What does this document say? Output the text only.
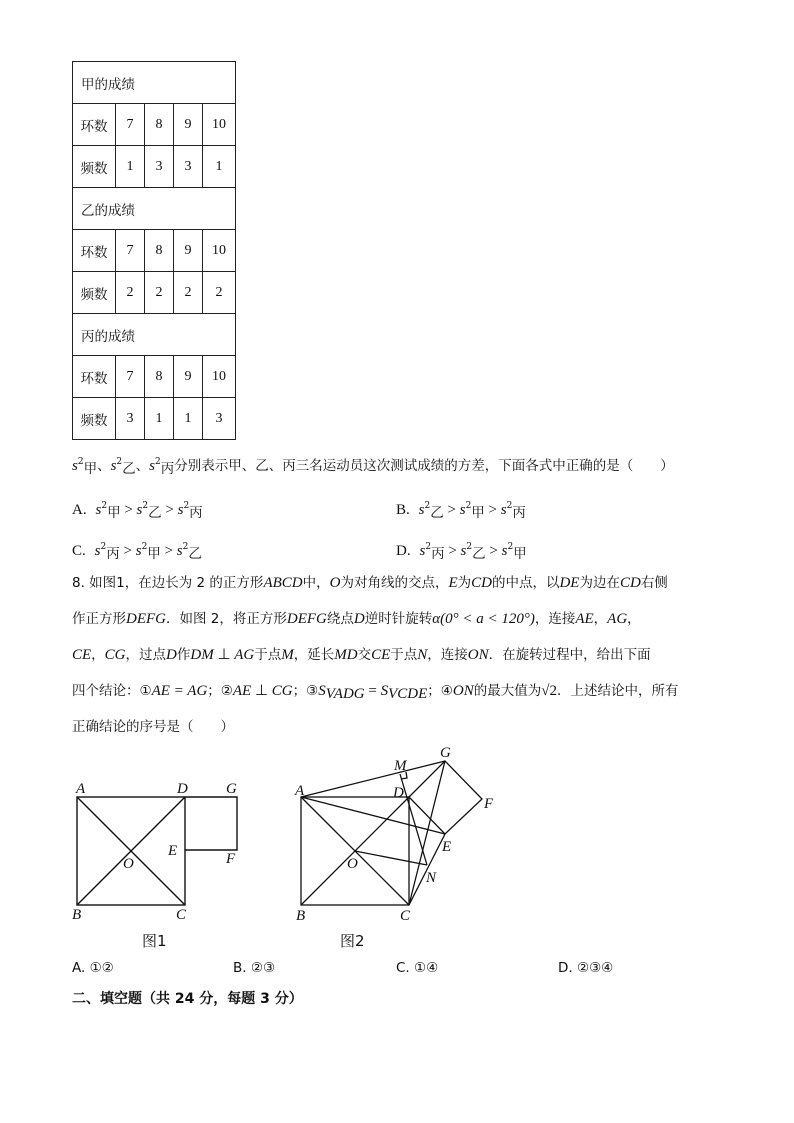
甲的成绩				
环数	7	8	9	10
频数	1	3	3	1
乙的成绩				
环数	7	8	9	10
频数	2	2	2	2
丙的成绩				
环数	7	8	9	10
频数	3	1	1	3
$s^2_甲$、$s^2_乙$、$s^2_丙$分别表示甲、乙、丙三名运动员这次测试成绩的方差，下面各式中正确的是（　　）
A. $s^2_甲 > s^2_乙 > s^2_丙$	B. $s^2_乙 > s^2_甲 > s^2_丙$
C. $s^2_丙 > s^2_甲 > s^2_乙$	D. $s^2_丙 > s^2_乙 > s^2_甲$
8. 如图1，在边长为 2 的正方形ABCD中，O为对角线的交点，E为CD的中点，以DE为边在CD右侧
作正方形DEFG．如图 2，将正方形DEFG绕点D逆时针旋转α(0° < a < 120°)，连接AE，AG，
CE，CG，过点D作DM ⊥ AG于点M，延长MD交CE于点N，连接ON．在旋转过程中，给出下面
四个结论：①AE = AG；②AE ⊥ CG；$③S_{VADG} = S_{VCDE}$；④ON的最大值为√2．上述结论中，所有
正确结论的序号是（　　）
A	D	G
E	F
O
B	C
图1
A	D
M
G
F
E
N
O
B	C
图2
A. ①②	B. ②③	C. ①④	D. ②③④
二、填空题（共 24 分，每题 3 分）
